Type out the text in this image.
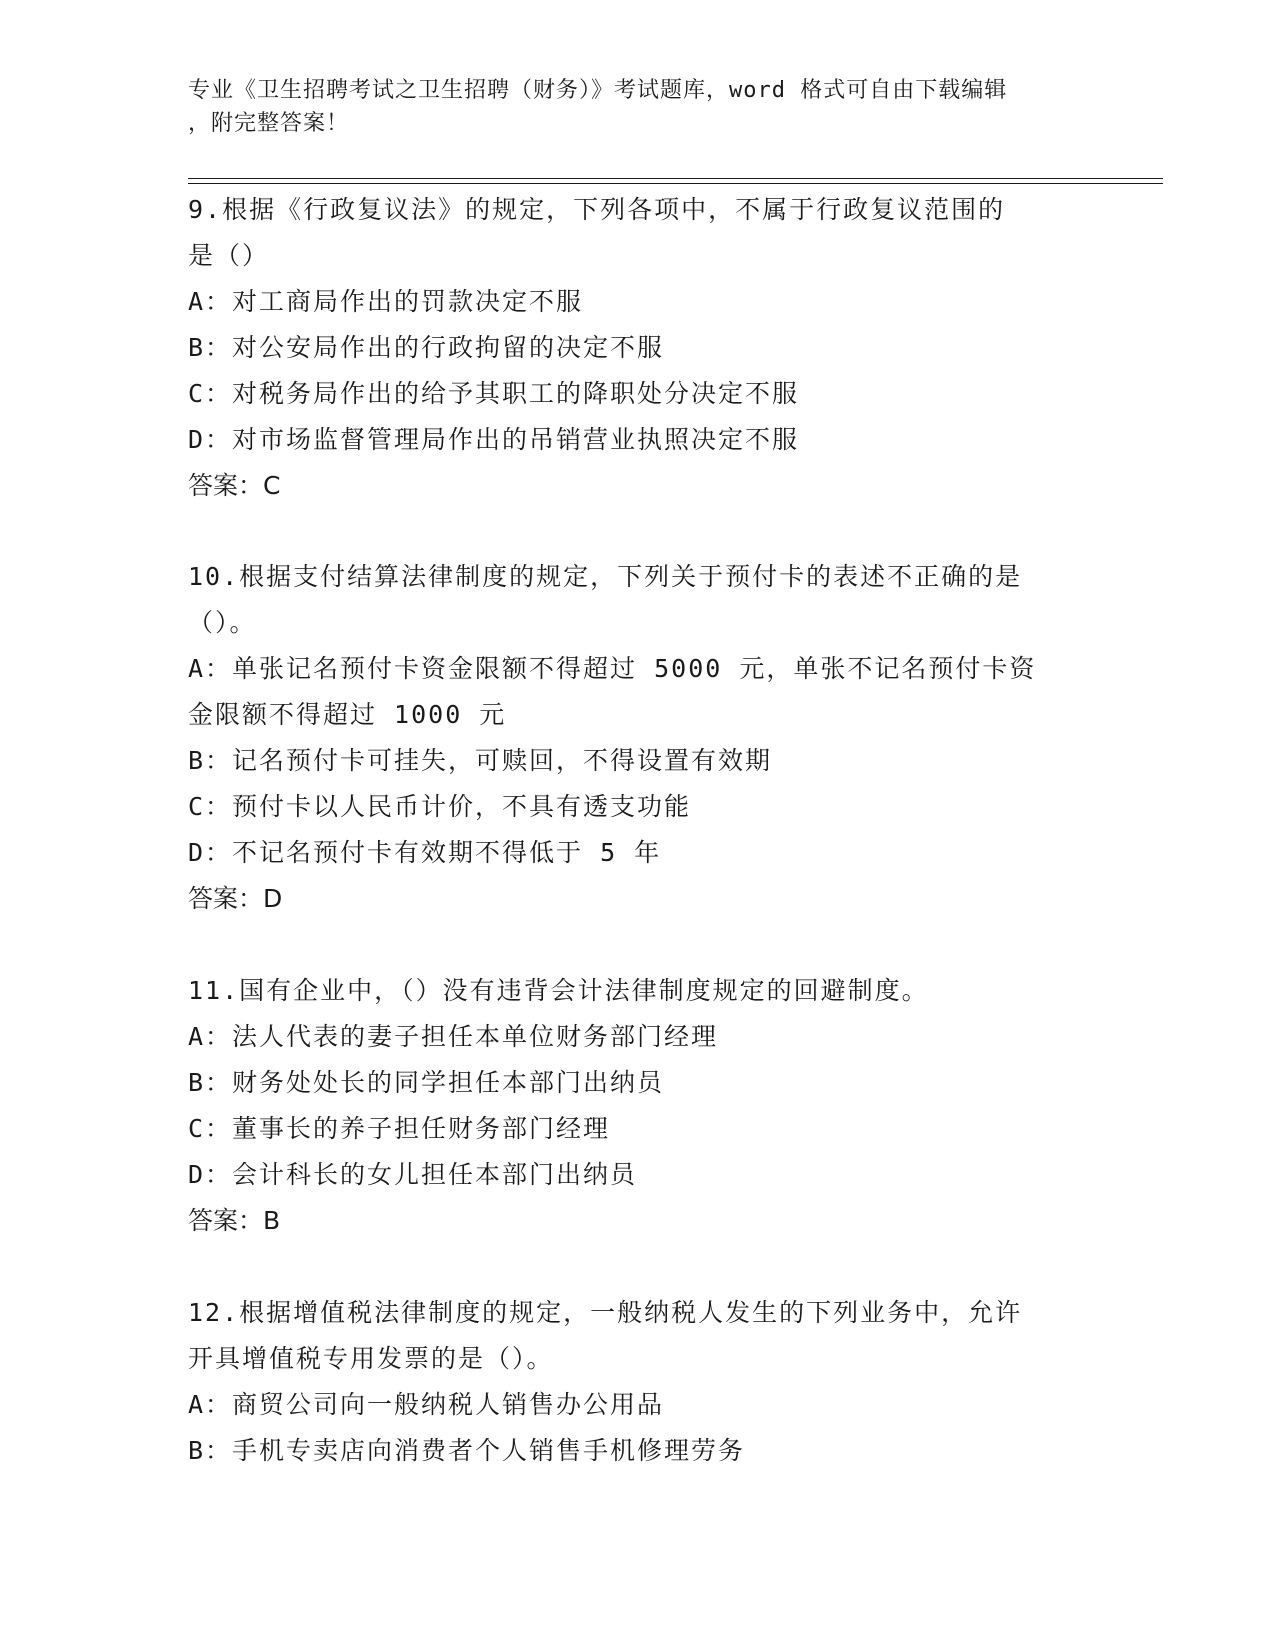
专业《卫生招聘考试之卫生招聘（财务）》考试题库，word 格式可自由下载编辑
，附完整答案！
9.根据《行政复议法》的规定，下列各项中，不属于行政复议范围的
是（）
A：对工商局作出的罚款决定不服
B：对公安局作出的行政拘留的决定不服
C：对税务局作出的给予其职工的降职处分决定不服
D：对市场监督管理局作出的吊销营业执照决定不服
答案：C
10.根据支付结算法律制度的规定，下列关于预付卡的表述不正确的是
（）。
A：单张记名预付卡资金限额不得超过 5000 元，单张不记名预付卡资
金限额不得超过 1000 元
B：记名预付卡可挂失，可赎回，不得设置有效期
C：预付卡以人民币计价，不具有透支功能
D：不记名预付卡有效期不得低于 5 年
答案：D
11.国有企业中，（）没有违背会计法律制度规定的回避制度。
A：法人代表的妻子担任本单位财务部门经理
B：财务处处长的同学担任本部门出纳员
C：董事长的养子担任财务部门经理
D：会计科长的女儿担任本部门出纳员
答案：B
12.根据增值税法律制度的规定，一般纳税人发生的下列业务中，允许
开具增值税专用发票的是（）。
A：商贸公司向一般纳税人销售办公用品
B：手机专卖店向消费者个人销售手机修理劳务
